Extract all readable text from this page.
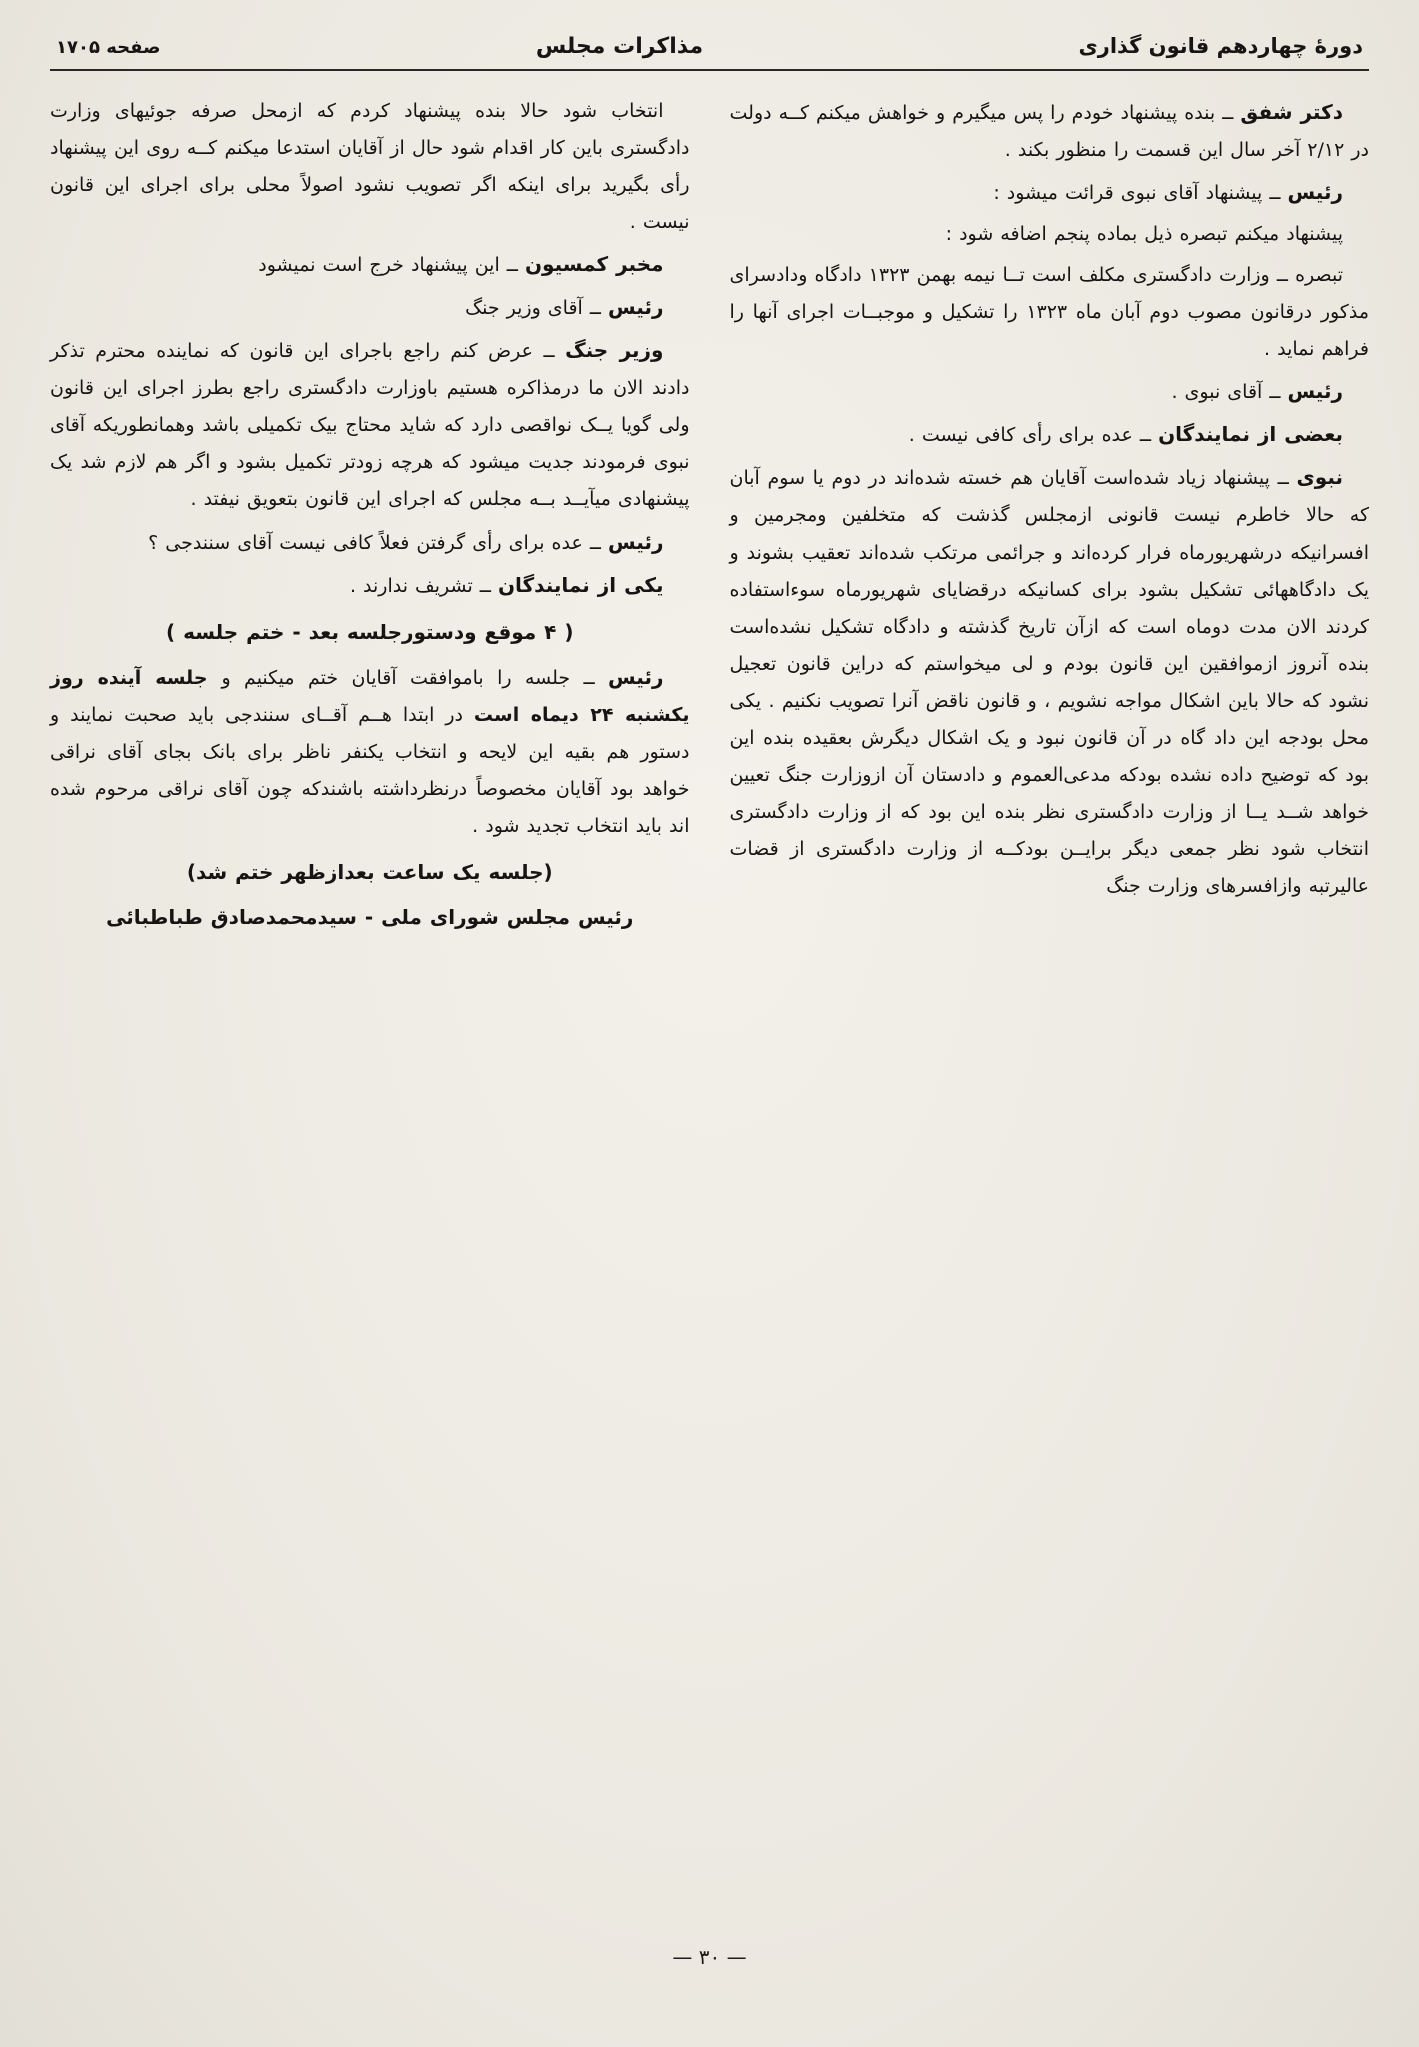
دورهٔ چهاردهم قانون گذاری
مذاکرات مجلس
صفحه ۱۷۰۵

دکتر شفق ــ بنده پیشنهاد خودم را پس میگیرم و خواهش میکنم کــه دولت در ۲/۱۲ آخر سال این قسمت را منظور بکند .

رئیس ــ پیشنهاد آقای نبوی قرائت میشود :

پیشنهاد میکنم تبصره ذیل بماده پنجم اضافه شود :

تبصره ــ وزارت دادگستری مکلف است تــا نیمه بهمن ۱۳۲۳ دادگاه ودادسرای مذکور درقانون مصوب دوم آبان ماه ۱۳۲۳ را تشکیل و موجبــات اجرای آنها را فراهم نماید .

رئیس ــ آقای نبوی .

بعضی از نمایندگان ــ عده برای رأی کافی نیست .

نبوی ــ پیشنهاد زیاد شده‌است آقایان هم خسته شده‌اند در دوم یا سوم آبان که حالا خاطرم نیست قانونی ازمجلس گذشت که متخلفین ومجرمین و افسرانیکه درشهریورماه فرار کرده‌اند و جرائمی مرتکب شده‌اند تعقیب بشوند و یک دادگاههائی تشکیل بشود برای کسانیکه درقضایای شهریورماه سوءاستفاده کردند الان مدت دوماه است که ازآن تاریخ گذشته و دادگاه تشکیل نشده‌است بنده آنروز ازموافقین این قانون بودم و لی میخواستم که دراین قانون تعجیل نشود که حالا باین اشکال مواجه نشویم ، و قانون ناقض آنرا تصویب نکنیم . یکی محل بودجه این داد گاه در آن قانون نبود و یک اشکال دیگرش بعقیده بنده این بود که توضیح داده نشده بودکه مدعی‌العموم و دادستان آن ازوزارت جنگ تعیین خواهد شــد یــا از وزارت دادگستری نظر بنده این بود که از وزارت دادگستری انتخاب شود نظر جمعی دیگر برایــن بودکــه از وزارت دادگستری از قضات عالیرتبه وازافسرهای وزارت جنگ

انتخاب شود حالا بنده پیشنهاد کردم که ازمحل صرفه جوئیهای وزارت دادگستری باین کار اقدام شود حال از آقایان استدعا میکنم کــه روی این پیشنهاد رأی بگیرید برای اینکه اگر تصویب نشود اصولاً محلی برای اجرای این قانون نیست .

مخبر کمسیون ــ این پیشنهاد خرج است نمیشود

رئیس ــ آقای وزیر جنگ

وزیر جنگ ــ عرض کنم راجع باجرای این قانون که نماینده محترم تذکر دادند الان ما درمذاکره هستیم باوزارت دادگستری راجع بطرز اجرای این قانون ولی گویا یــک نواقصی دارد که شاید محتاج بیک تکمیلی باشد وهمانطوریکه آقای نبوی فرمودند جدیت میشود که هرچه زودتر تکمیل بشود و اگر هم لازم شد یک پیشنهادی میآیــد بــه مجلس که اجرای این قانون بتعویق نیفتد .

رئیس ــ عده برای رأی گرفتن فعلاً کافی نیست آقای سنندجی ؟

یکی از نمایندگان ــ تشریف ندارند .

( ۴ موقع ودستورجلسه بعد - ختم جلسه )

رئیس ــ جلسه را باموافقت آقایان ختم میکنیم و جلسه آینده روز یکشنبه ۲۴ دیماه است در ابتدا هــم آقــای سنندجی باید صحبت نمایند و دستور هم بقیه این لایحه و انتخاب یکنفر ناظر برای بانک بجای آقای نراقی خواهد بود آقایان مخصوصاً درنظرداشته باشندکه چون آقای نراقی مرحوم شده اند باید انتخاب تجدید شود .

(جلسه یک ساعت بعدازظهر ختم شد)

رئیس مجلس شورای ملی - سیدمحمدصادق طباطبائی

— ۳۰ —
